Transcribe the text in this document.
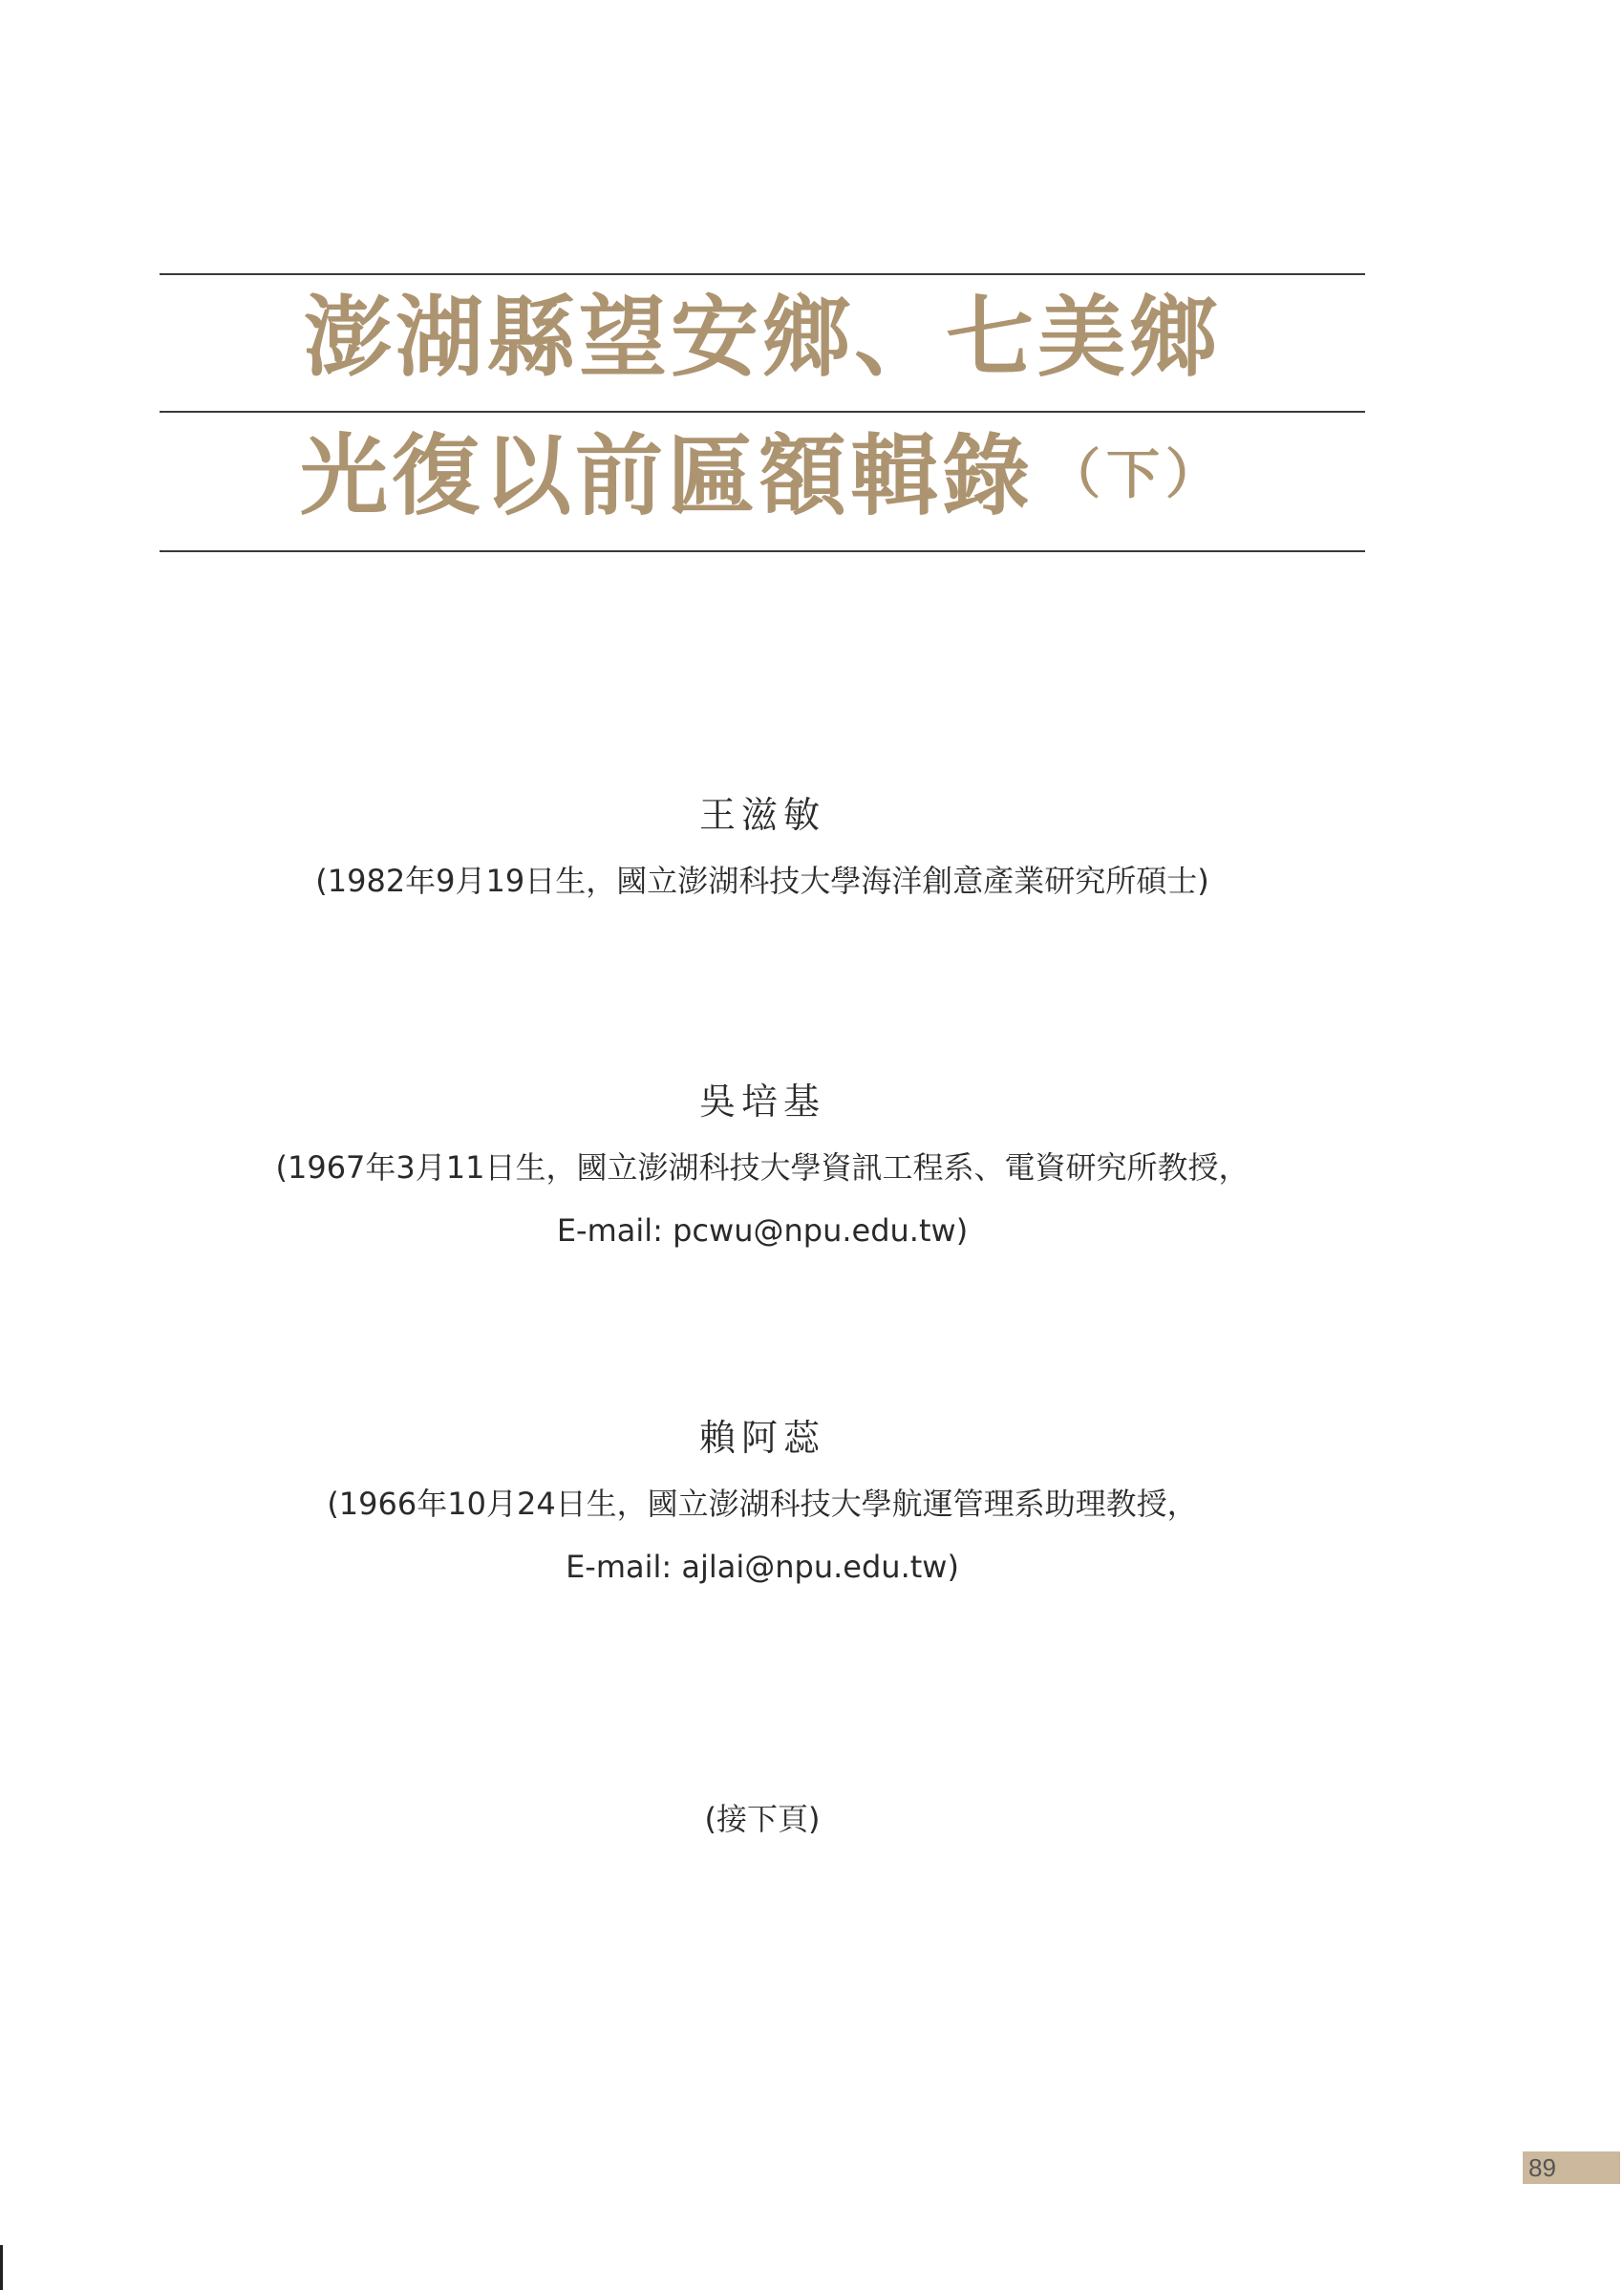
澎湖縣望安鄉、七美鄉
光復以前匾額輯錄 （下）
王滋敏
(1982年9月19日生，國立澎湖科技大學海洋創意產業研究所碩士)
吳培基
(1967年3月11日生，國立澎湖科技大學資訊工程系、電資研究所教授，
E-mail: pcwu@npu.edu.tw)
賴阿蕊
(1966年10月24日生，國立澎湖科技大學航運管理系助理教授，
E-mail: ajlai@npu.edu.tw)
(接下頁)
89
